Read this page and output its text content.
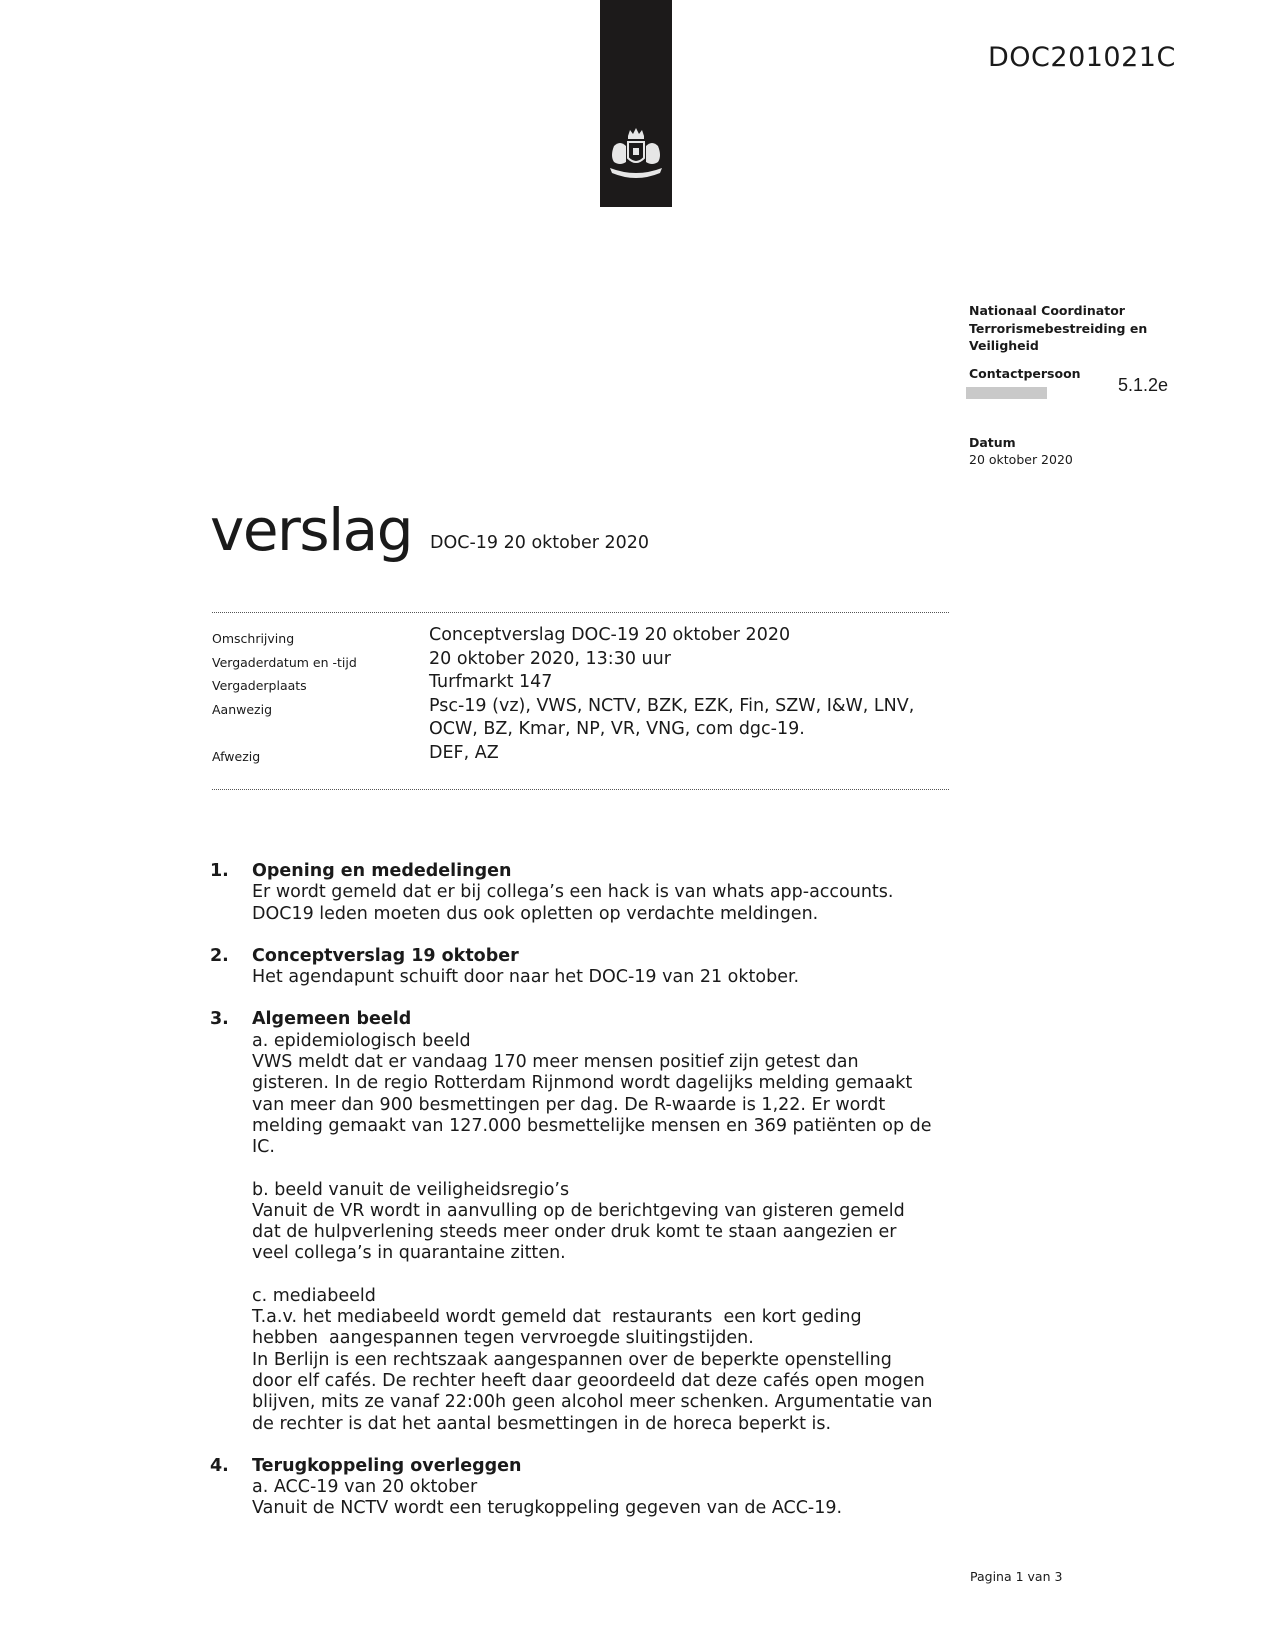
DOC201021C
Nationaal Coordinator
Terrorismebestreiding en
Veiligheid
Contactpersoon
5.1.2e
Datum
20 oktober 2020
verslag DOC-19 20 oktober 2020
Omschrijving	Conceptverslag DOC-19 20 oktober 2020
Vergaderdatum en -tijd	20 oktober 2020, 13:30 uur
Vergaderplaats	Turfmarkt 147
Aanwezig	Psc-19 (vz), VWS, NCTV, BZK, EZK, Fin, SZW, I&W, LNV,
OCW, BZ, Kmar, NP, VR, VNG, com dgc-19.
Afwezig	DEF, AZ
1. Opening en mededelingen
Er wordt gemeld dat er bij collega’s een hack is van whats app-accounts.
DOC19 leden moeten dus ook opletten op verdachte meldingen.
2. Conceptverslag 19 oktober
Het agendapunt schuift door naar het DOC-19 van 21 oktober.
3. Algemeen beeld
a. epidemiologisch beeld
VWS meldt dat er vandaag 170 meer mensen positief zijn getest dan
gisteren. In de regio Rotterdam Rijnmond wordt dagelijks melding gemaakt
van meer dan 900 besmettingen per dag. De R-waarde is 1,22. Er wordt
melding gemaakt van 127.000 besmettelijke mensen en 369 patiënten op de
IC.
b. beeld vanuit de veiligheidsregio’s
Vanuit de VR wordt in aanvulling op de berichtgeving van gisteren gemeld
dat de hulpverlening steeds meer onder druk komt te staan aangezien er
veel collega’s in quarantaine zitten.
c. mediabeeld
T.a.v. het mediabeeld wordt gemeld dat  restaurants  een kort geding
hebben  aangespannen tegen vervroegde sluitingstijden.
In Berlijn is een rechtszaak aangespannen over de beperkte openstelling
door elf cafés. De rechter heeft daar geoordeeld dat deze cafés open mogen
blijven, mits ze vanaf 22:00h geen alcohol meer schenken. Argumentatie van
de rechter is dat het aantal besmettingen in de horeca beperkt is.
4. Terugkoppeling overleggen
a. ACC-19 van 20 oktober
Vanuit de NCTV wordt een terugkoppeling gegeven van de ACC-19.
Pagina 1 van 3
